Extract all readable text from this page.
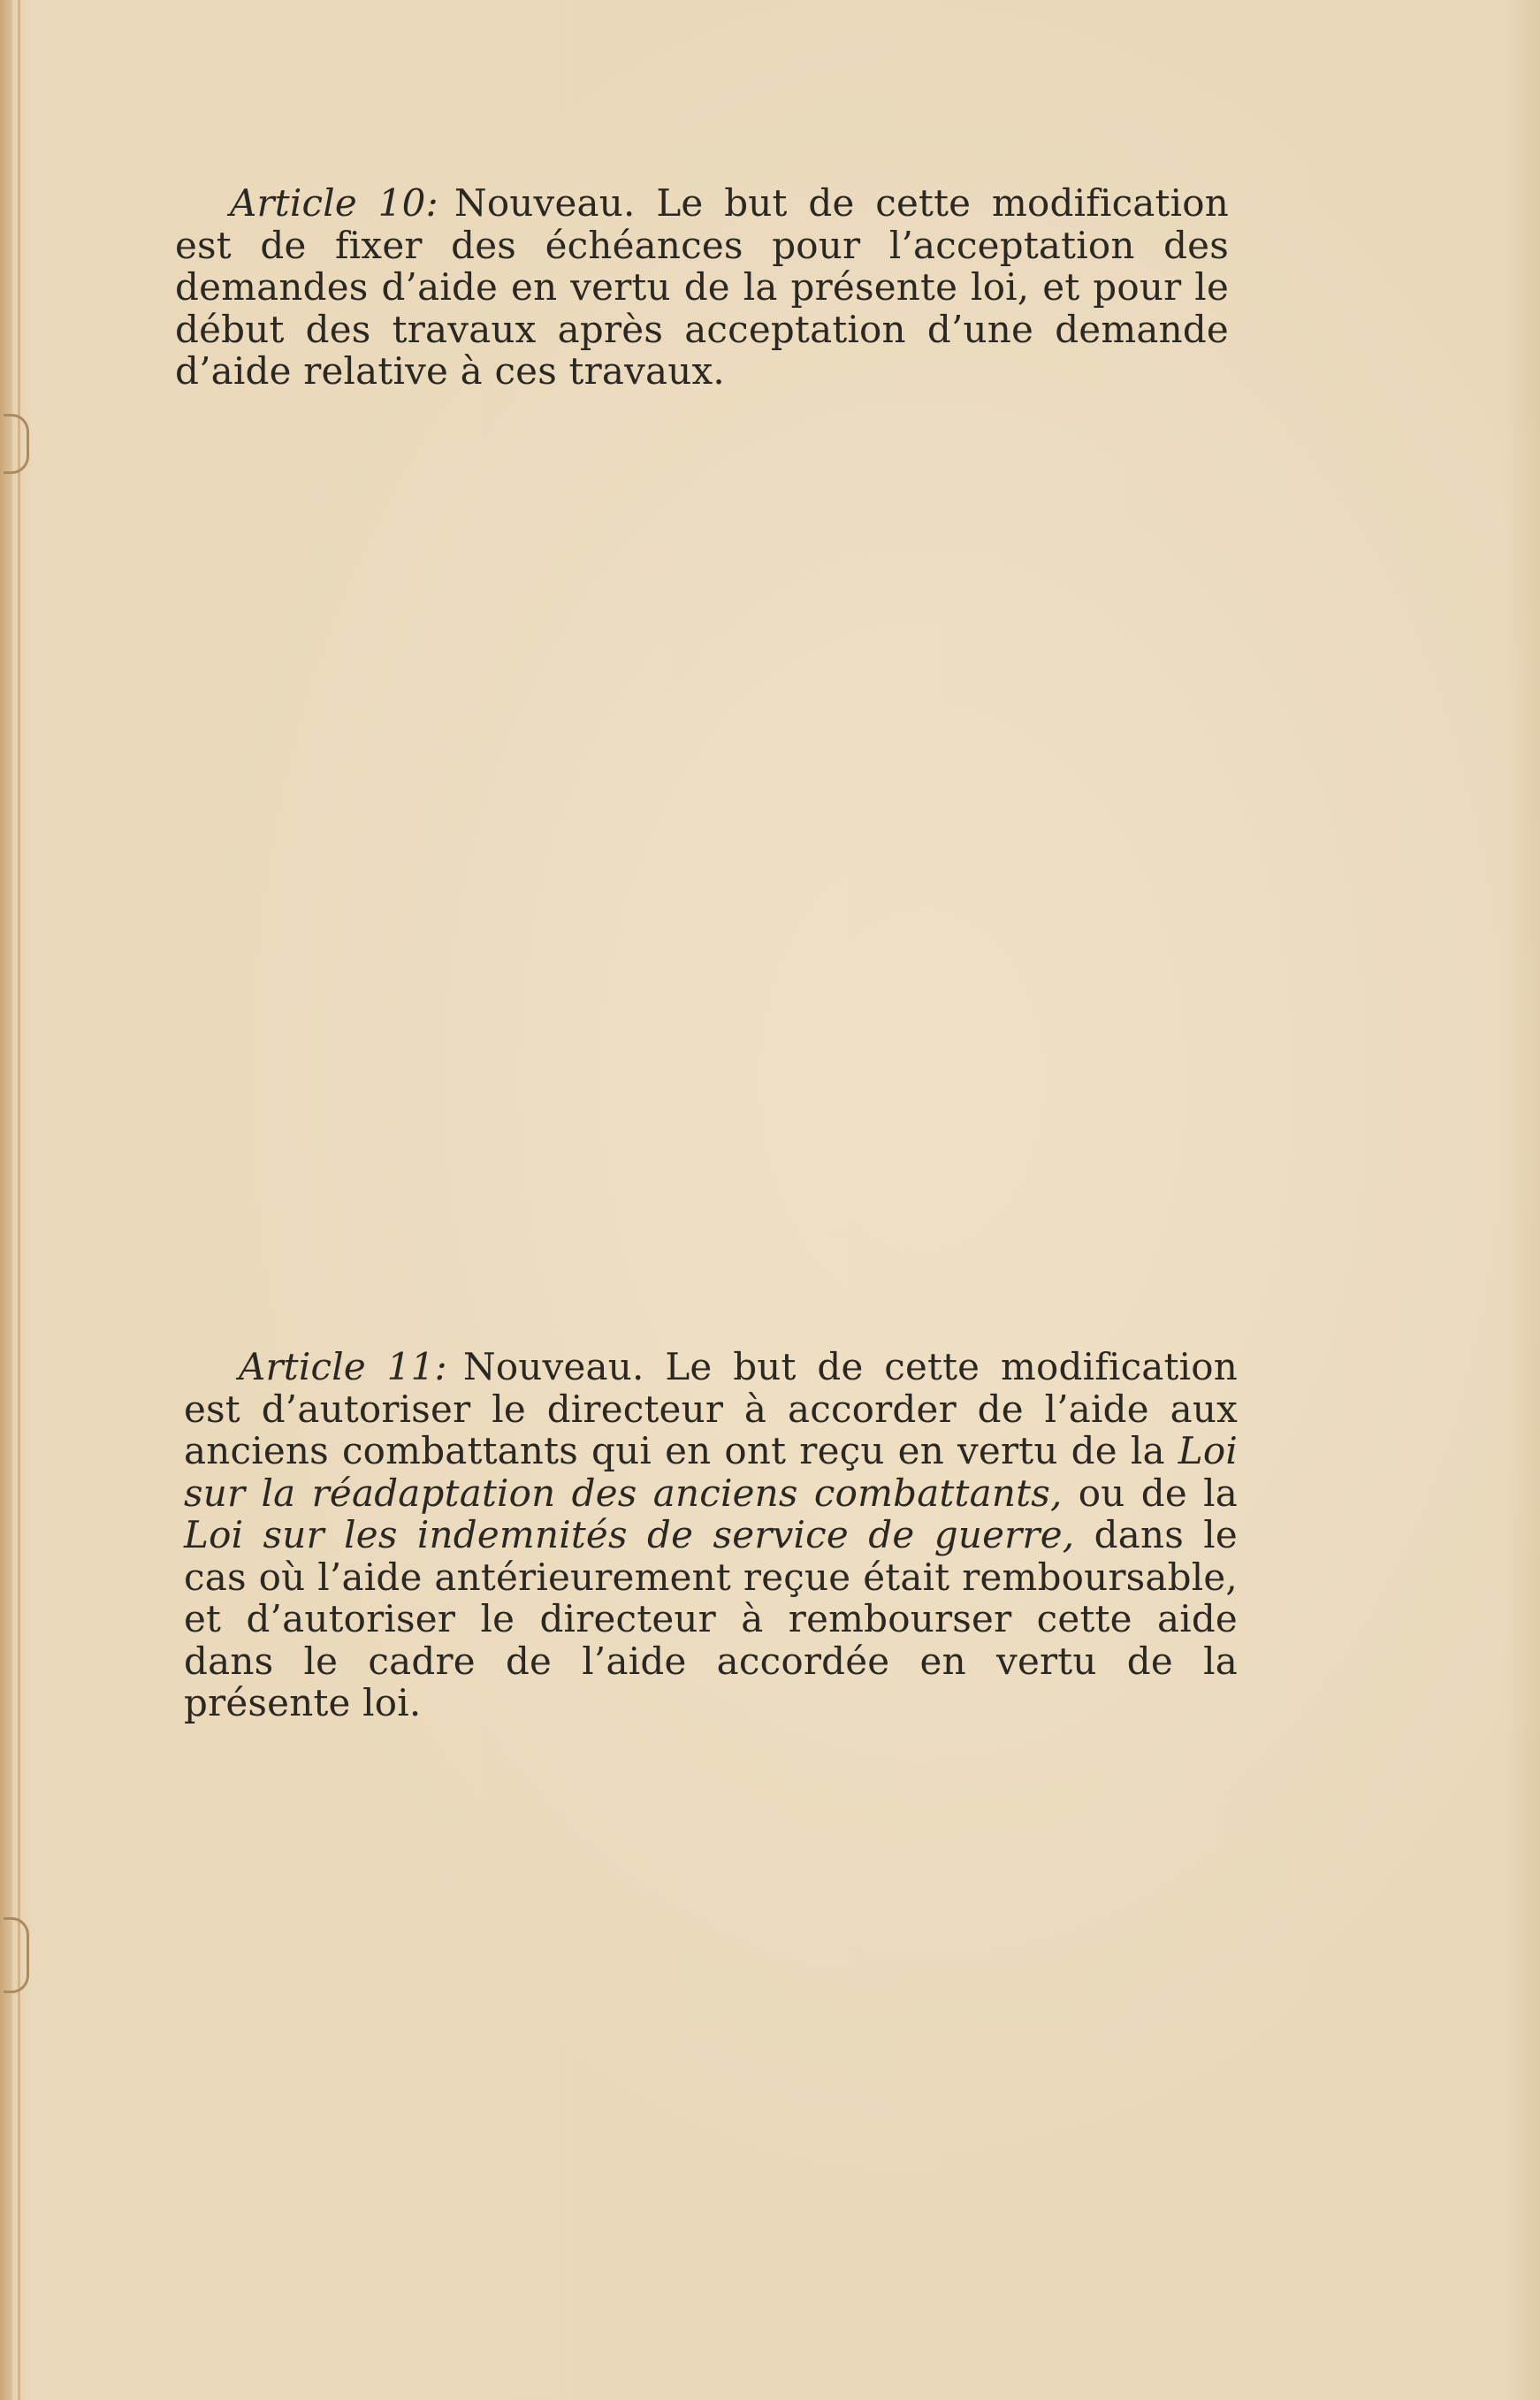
Article 10: Nouveau. Le but de cette modification est de fixer des échéances pour l’acceptation des demandes d’aide en vertu de la présente loi, et pour le début des travaux après acceptation d’une demande d’aide relative à ces travaux.
Article 11: Nouveau. Le but de cette modification est d’autoriser le directeur à accorder de l’aide aux anciens combattants qui en ont reçu en vertu de la Loi sur la réadaptation des anciens combattants, ou de la Loi sur les indemnités de service de guerre, dans le cas où l’aide antérieurement reçue était remboursable, et d’autoriser le directeur à rembourser cette aide dans le cadre de l’aide accordée en vertu de la présente loi.
